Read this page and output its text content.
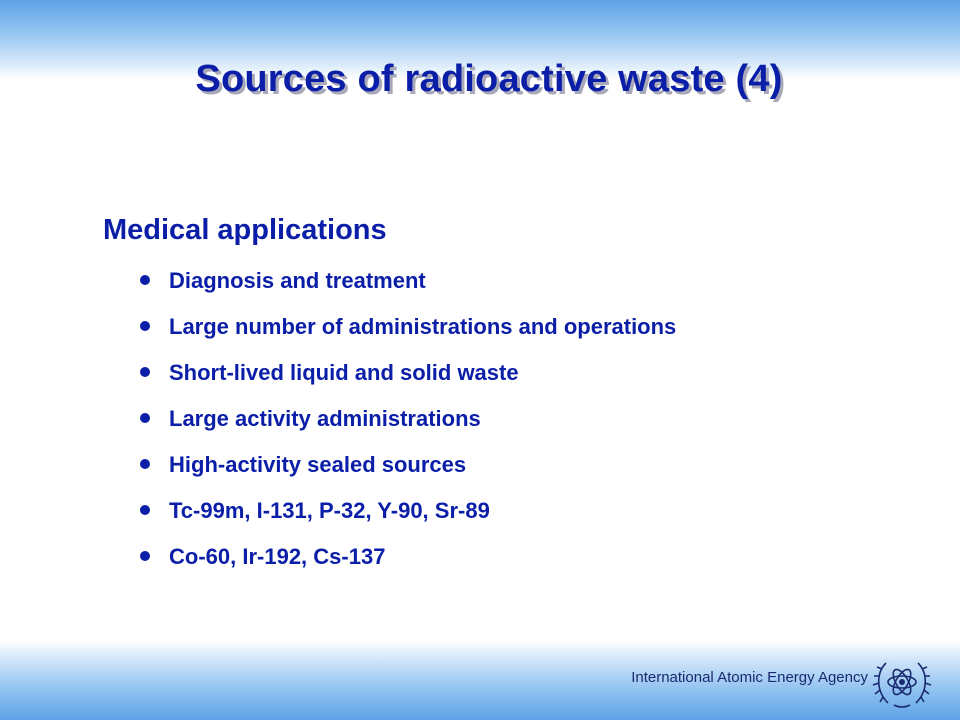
Sources of radioactive waste (4)
Medical applications
Diagnosis and treatment
Large number of administrations and operations
Short-lived liquid and solid waste
Large activity administrations
High-activity sealed sources
Tc-99m, I-131, P-32, Y-90, Sr-89
Co-60, Ir-192, Cs-137
International Atomic Energy Agency
